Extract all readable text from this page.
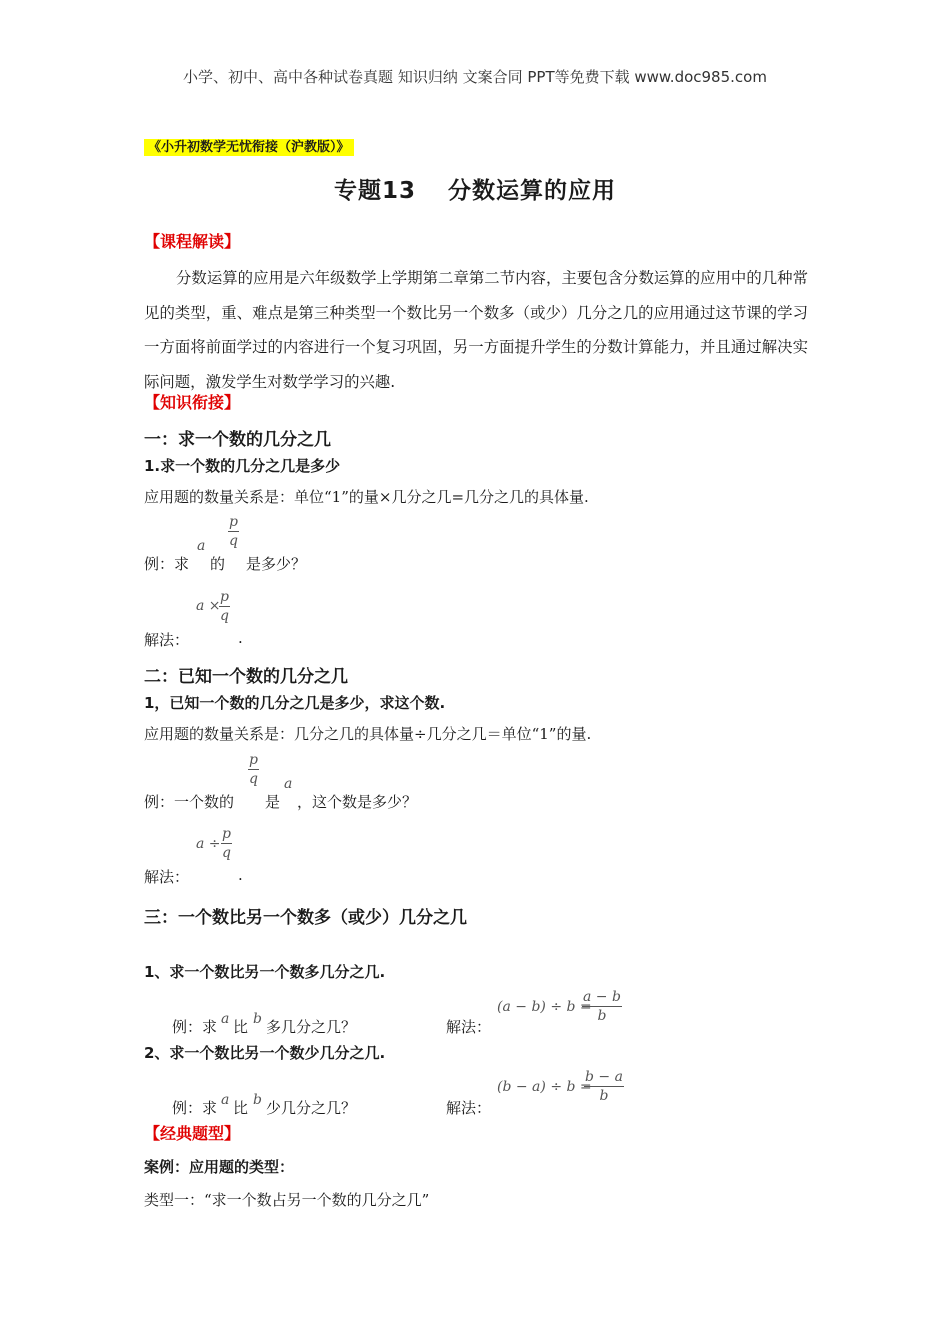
小学、初中、高中各种试卷真题 知识归纳 文案合同 PPT等免费下载 www.doc985.com
《小升初数学无忧衔接（沪教版）》
专题13 分数运算的应用
【课程解读】

分数运算的应用是六年级数学上学期第二章第二节内容，主要包含分数运算的应用中的几种常见的类型，重、难点是第三种类型一个数比另一个数多（或少）几分之几的应用通过这节课的学习一方面将前面学过的内容进行一个复习巩固，另一方面提升学生的分数计算能力，并且通过解决实际问题，激发学生对数学学习的兴趣.

【知识衔接】
一：求一个数的几分之几
1.求一个数的几分之几是多少
应用题的数量关系是：单位“1”的量×几分之几=几分之几的具体量.
例：求
a
的
p
q
是多少？
a ×
p
q
解法：	.
二：已知一个数的几分之几
1，已知一个数的几分之几是多少，求这个数.
应用题的数量关系是：几分之几的具体量÷几分之几＝单位“1”的量.
例：一个数的
p
q
是
a
，这个数是多少？
a ÷
p
q
解法：	.
三：一个数比另一个数多（或少）几分之几
1、求一个数比另一个数多几分之几.
例：求 a 比 b 多几分之几？	解法：
(a − b) ÷ b =
a − b
b
2、求一个数比另一个数少几分之几.
例：求 a 比 b 少几分之几？	解法：
(b − a) ÷ b =
b − a
b
【经典题型】
案例：应用题的类型：
类型一：“求一个数占另一个数的几分之几”
